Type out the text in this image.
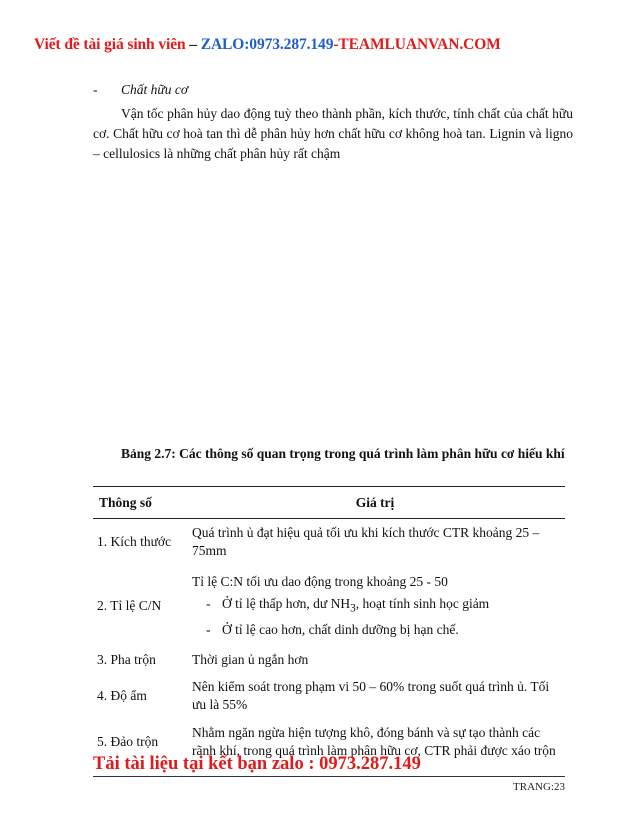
Viết đề tài giá sinh viên – ZALO:0973.287.149-TEAMLUANVAN.COM
- Chất hữu cơ
Vận tốc phân hủy dao động tuỳ theo thành phần, kích thước, tính chất của chất hữu cơ. Chất hữu cơ hoà tan thì dễ phân hủy hơn chất hữu cơ không hoà tan. Lignin và ligno – cellulosics là những chất phân hủy rất chậm
Bảng 2.7: Các thông số quan trọng trong quá trình làm phân hữu cơ hiếu khí
Thông số	Giá trị
1. Kích thước	Quá trình ủ đạt hiệu quả tối ưu khi kích thước CTR khoảng 25 – 75mm
2. Tỉ lệ C/N	Tỉ lệ C:N tối ưu dao động trong khoảng 25 - 50
- Ở tỉ lệ thấp hơn, dư $NH_3$, hoạt tính sinh học giảm
- Ở tỉ lệ cao hơn, chất dinh dưỡng bị hạn chế.

3. Pha trộn	Thời gian ủ ngắn hơn
4. Độ ẩm	Nên kiểm soát trong phạm vi 50 – 60% trong suốt quá trình ủ. Tối ưu là 55%
5. Đảo trộn	Nhằm ngăn ngừa hiện tượng khô, đóng bánh và sự tạo thành các rãnh khí, trong quá trình làm phân hữu cơ, CTR phải được xáo trộn
Tải tài liệu tại kết bạn zalo : 0973.287.149
TRANG:23
